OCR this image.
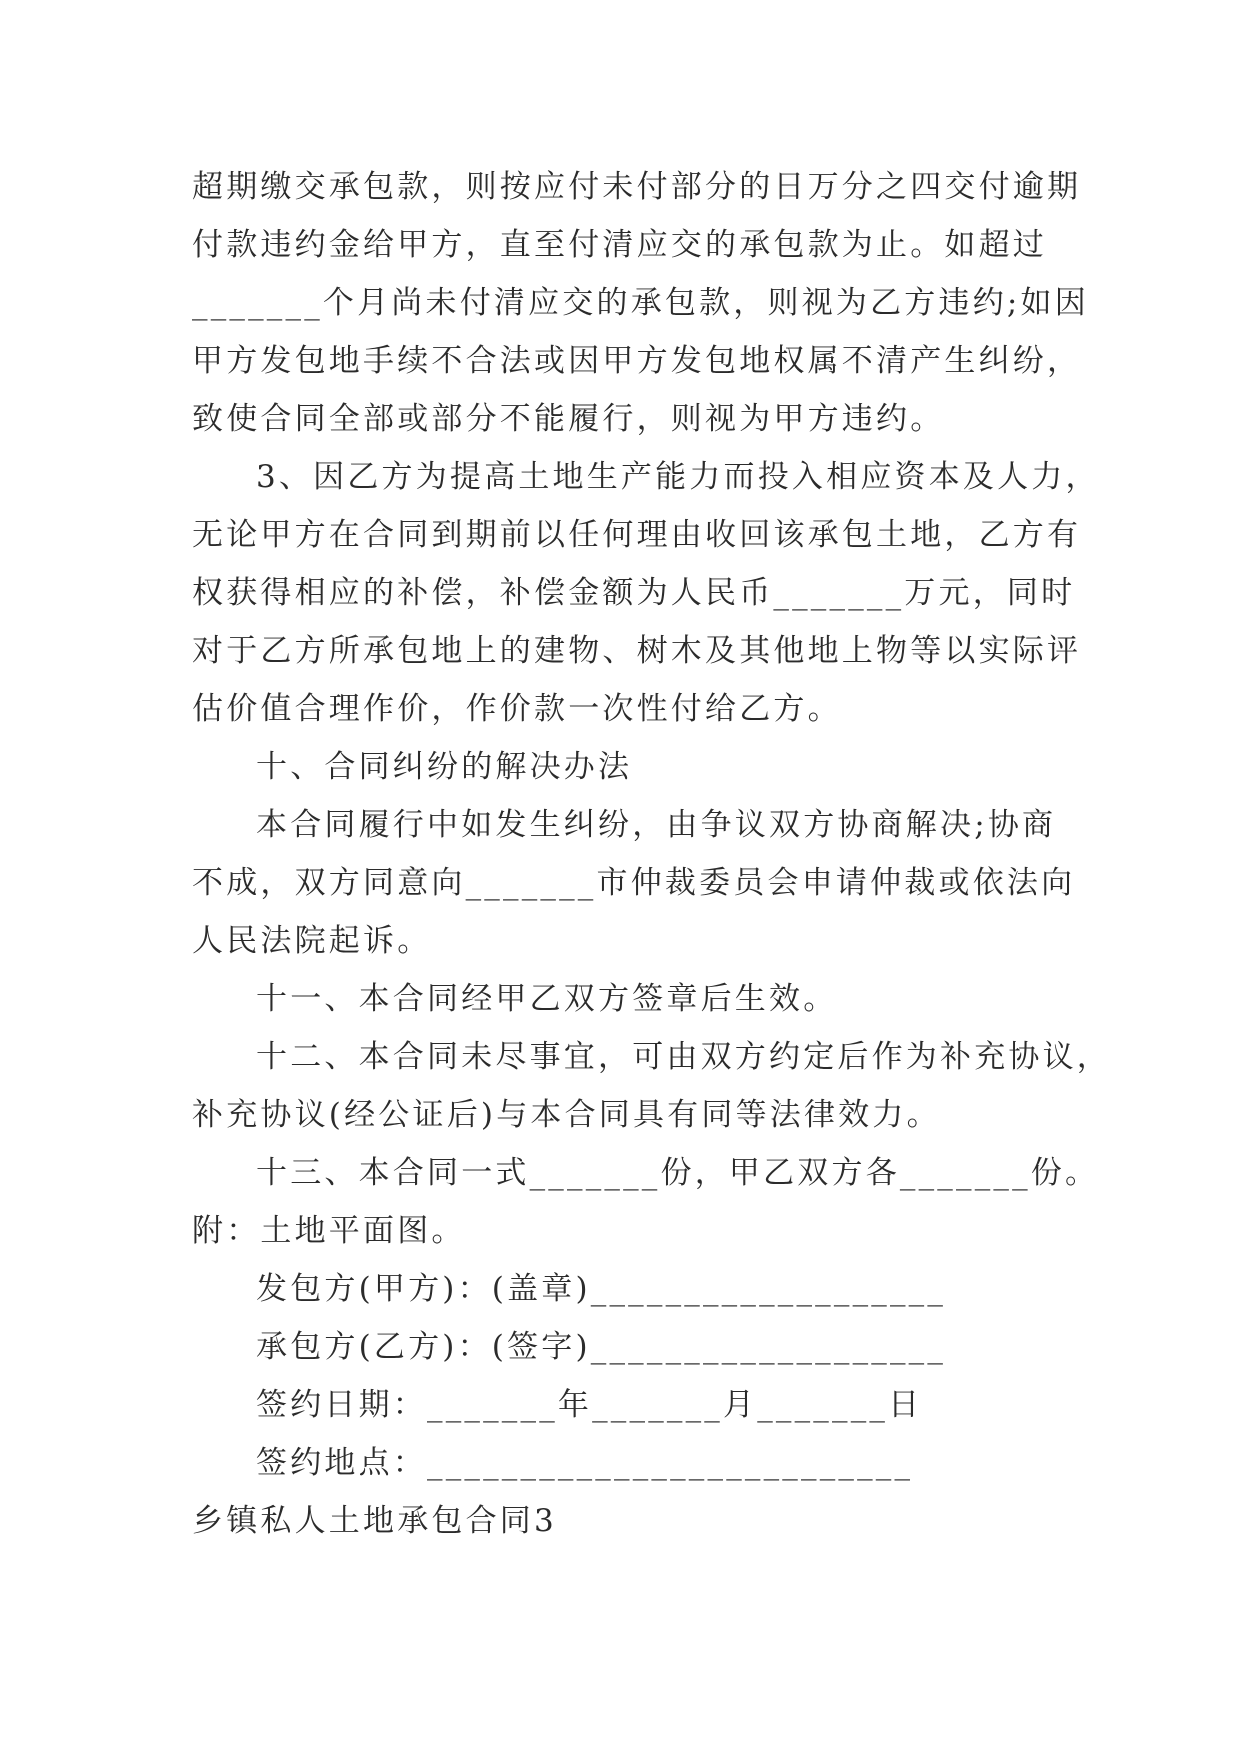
超期缴交承包款，则按应付未付部分的日万分之四交付逾期
付款违约金给甲方，直至付清应交的承包款为止。如超过
_______个月尚未付清应交的承包款，则视为乙方违约;如因
甲方发包地手续不合法或因甲方发包地权属不清产生纠纷，
致使合同全部或部分不能履行，则视为甲方违约。
3、因乙方为提高土地生产能力而投入相应资本及人力，
无论甲方在合同到期前以任何理由收回该承包土地，乙方有
权获得相应的补偿，补偿金额为人民币_______万元，同时
对于乙方所承包地上的建物、树木及其他地上物等以实际评
估价值合理作价，作价款一次性付给乙方。
十、合同纠纷的解决办法
本合同履行中如发生纠纷，由争议双方协商解决;协商
不成，双方同意向_______市仲裁委员会申请仲裁或依法向
人民法院起诉。
十一、本合同经甲乙双方签章后生效。
十二、本合同未尽事宜，可由双方约定后作为补充协议，
补充协议(经公证后)与本合同具有同等法律效力。
十三、本合同一式_______份，甲乙双方各_______份。
附：土地平面图。
发包方(甲方)：(盖章)___________________
承包方(乙方)：(签字)___________________
签约日期：_______年_______月_______日
签约地点：__________________________
乡镇私人土地承包合同3
